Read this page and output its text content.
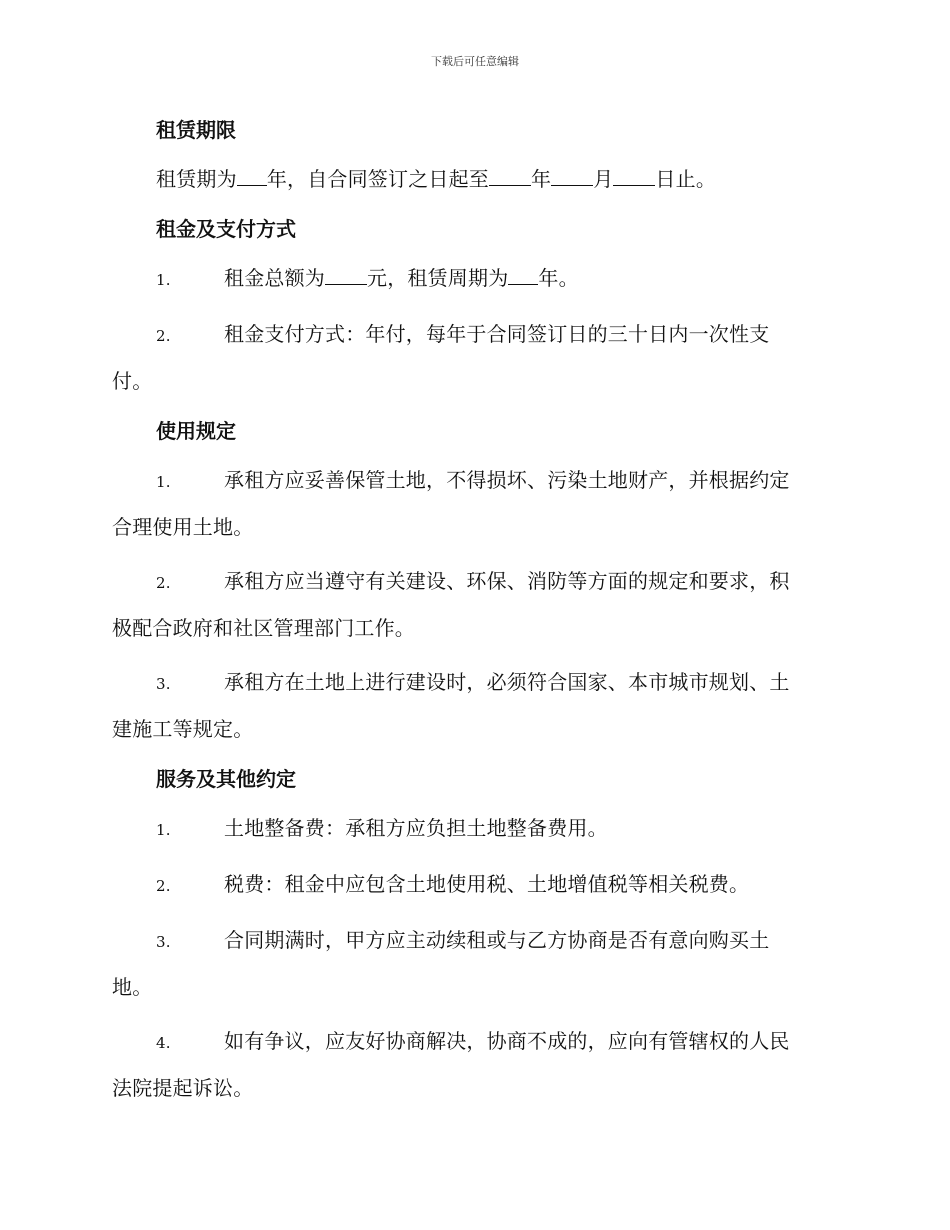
下载后可任意编辑
租赁期限
租赁期为 年，自合同签订之日起至 年 月 日止。
租金及支付方式
1.	租金总额为 元，租赁周期为 年。
2.	租金支付方式：年付，每年于合同签订日的三十日内一次性支
付。
使用规定
1.	承租方应妥善保管土地，不得损坏、污染土地财产，并根据约定
合理使用土地。
2.	承租方应当遵守有关建设、环保、消防等方面的规定和要求，积
极配合政府和社区管理部门工作。
3.	承租方在土地上进行建设时，必须符合国家、本市城市规划、土
建施工等规定。
服务及其他约定
1.	土地整备费：承租方应负担土地整备费用。
2.	税费：租金中应包含土地使用税、土地增值税等相关税费。
3.	合同期满时，甲方应主动续租或与乙方协商是否有意向购买土
地。
4.	如有争议，应友好协商解决，协商不成的，应向有管辖权的人民
法院提起诉讼。
